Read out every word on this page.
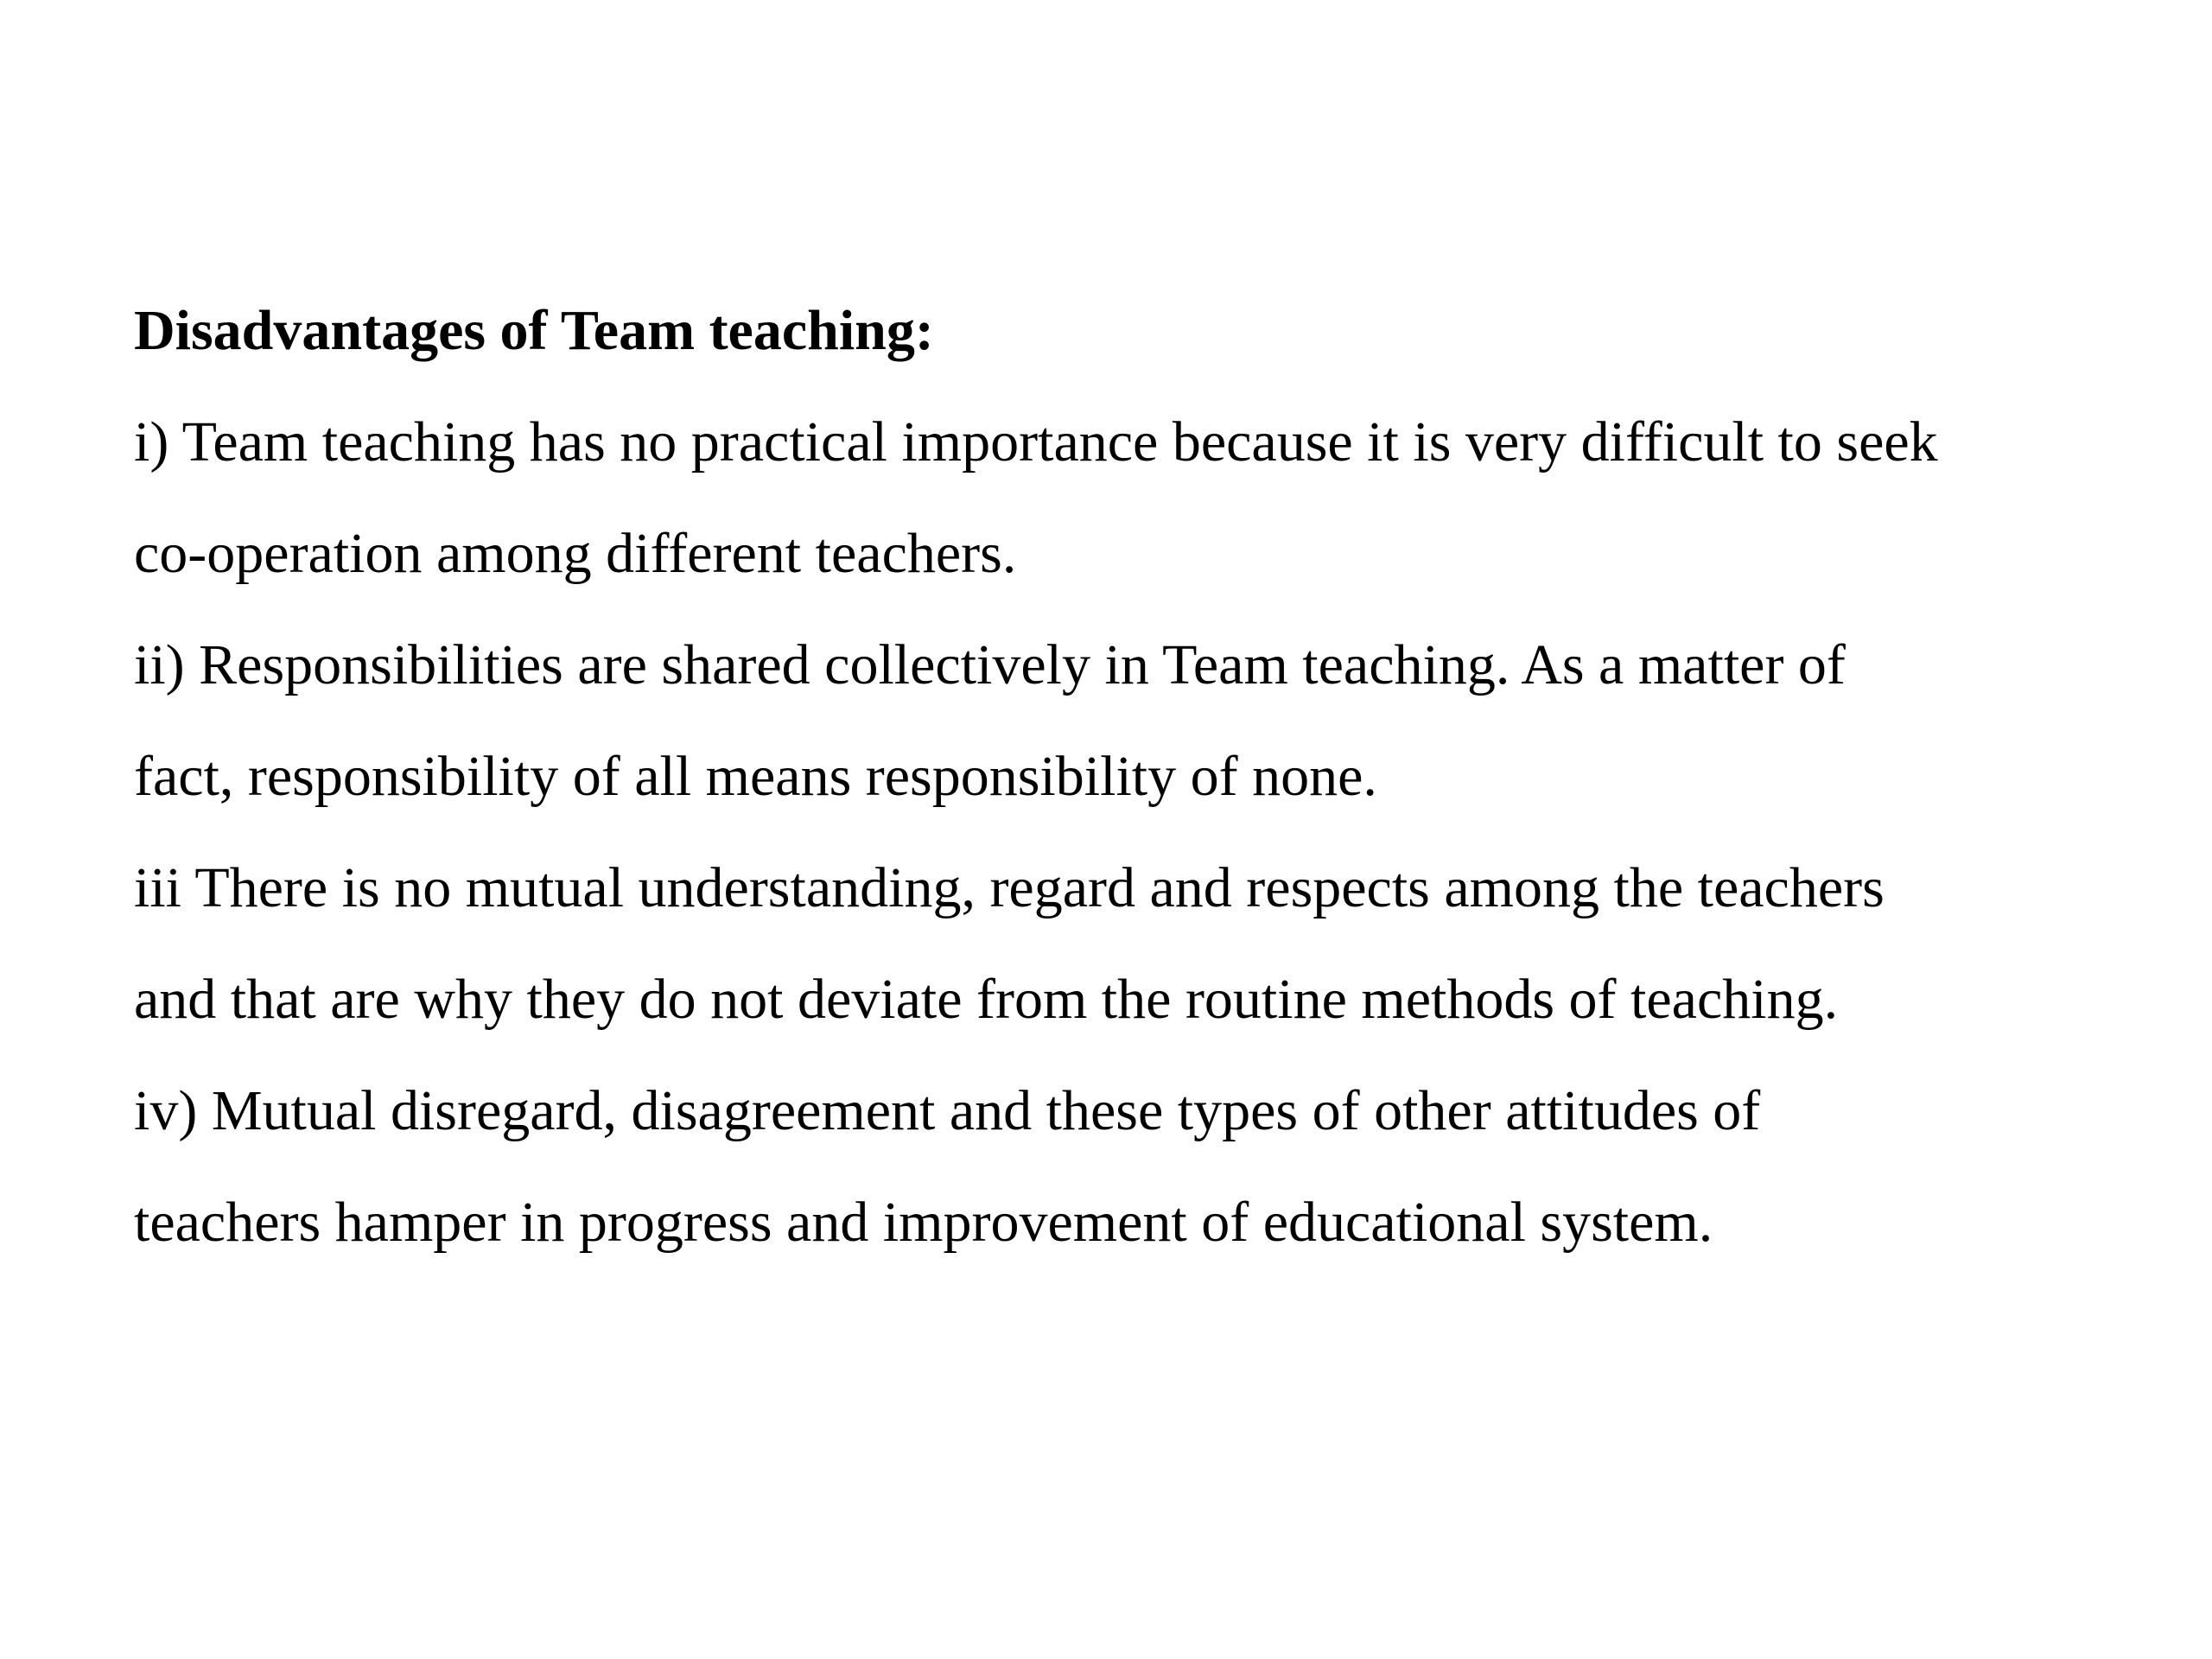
Disadvantages of Team teaching:
i) Team teaching has no practical importance because it is very difficult to seek
co-operation among different teachers.
ii) Responsibilities are shared collectively in Team teaching. As a matter of
fact, responsibility of all means responsibility of none.
iii There is no mutual understanding, regard and respects among the teachers
and that are why they do not deviate from the routine methods of teaching.
iv) Mutual disregard, disagreement and these types of other attitudes of
teachers hamper in progress and improvement of educational system.
